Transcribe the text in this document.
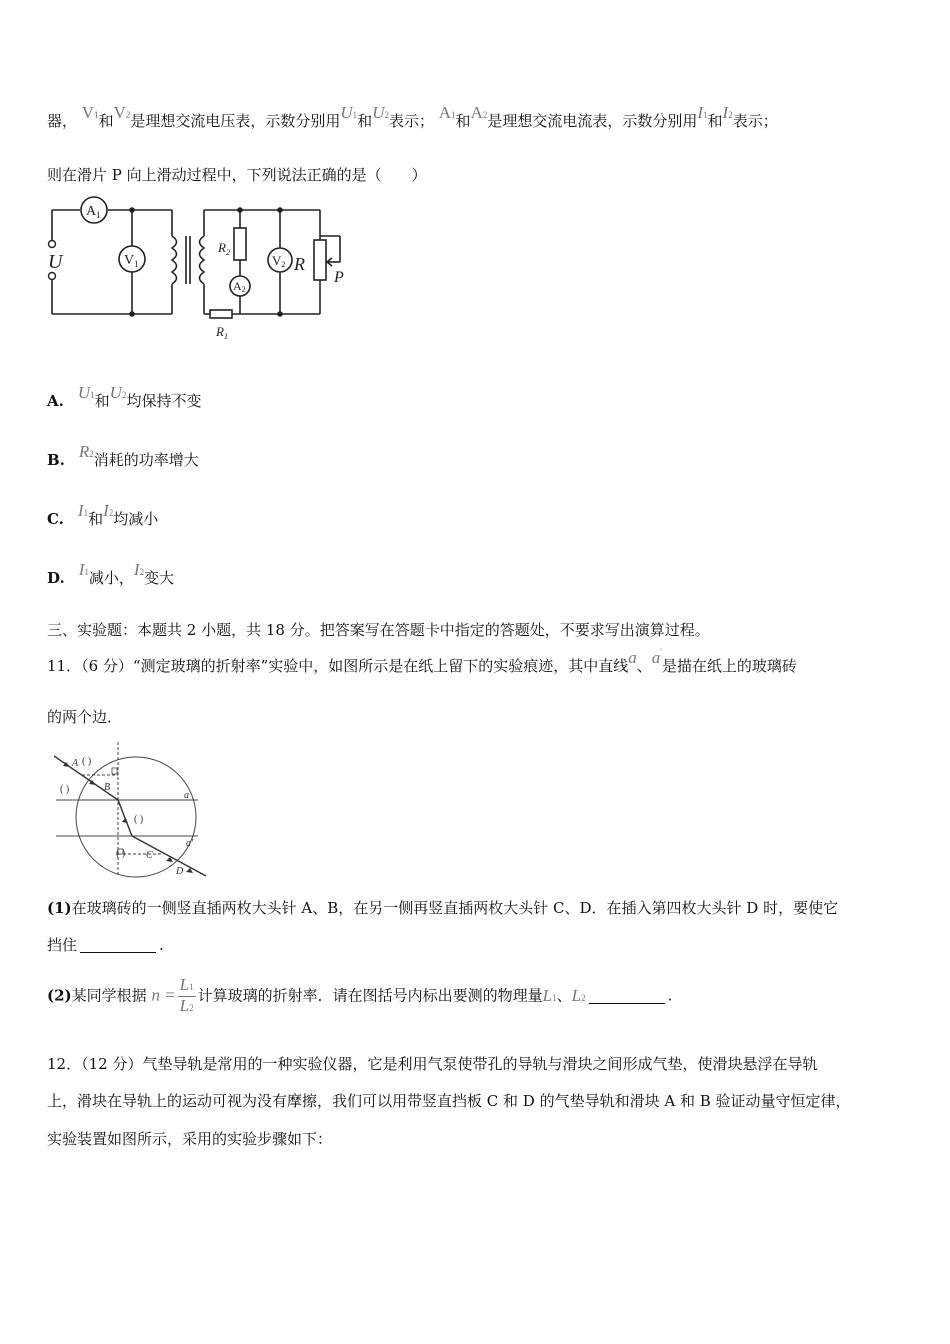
器， V1和V2是理想交流电压表，示数分别用U1和U2表示； A1和A2是理想交流电流表，示数分别用I1和I2表示；
则在滑片 P 向上滑动过程中，下列说法正确的是（　　）
$A_1$
$V_1$
A2
V2
U
$R_2$
R
P
$R_1$
A. U1和U2均保持不变
B. R2消耗的功率增大
C. I1和I2均减小
D. I1减小，I2变大
三、实验题：本题共 2 小题，共 18 分。把答案写在答题卡中指定的答题处，不要求写出演算过程。
11．（6 分）“测定玻璃的折射率”实验中，如图所示是在纸上留下的实验痕迹，其中直线a、a'是描在纸上的玻璃砖
的两个边．
A
B
C
D
a
a'
( )
( )
( )
( )
(1)在玻璃砖的一侧竖直插两枚大头针 A、B，在另一侧再竖直插两枚大头针 C、D．在插入第四枚大头针 D 时，要使它
挡住	.
(2)某同学根据 $n = \frac{L1}{L2}$ 计算玻璃的折射率．请在图括号内标出要测的物理量L1、L2	.
12．（12 分）气垫导轨是常用的一种实验仪器，它是利用气泵使带孔的导轨与滑块之间形成气垫，使滑块悬浮在导轨
上，滑块在导轨上的运动可视为没有摩擦，我们可以用带竖直挡板 C 和 D 的气垫导轨和滑块 A 和 B 验证动量守恒定律，
实验装置如图所示，采用的实验步骤如下：
